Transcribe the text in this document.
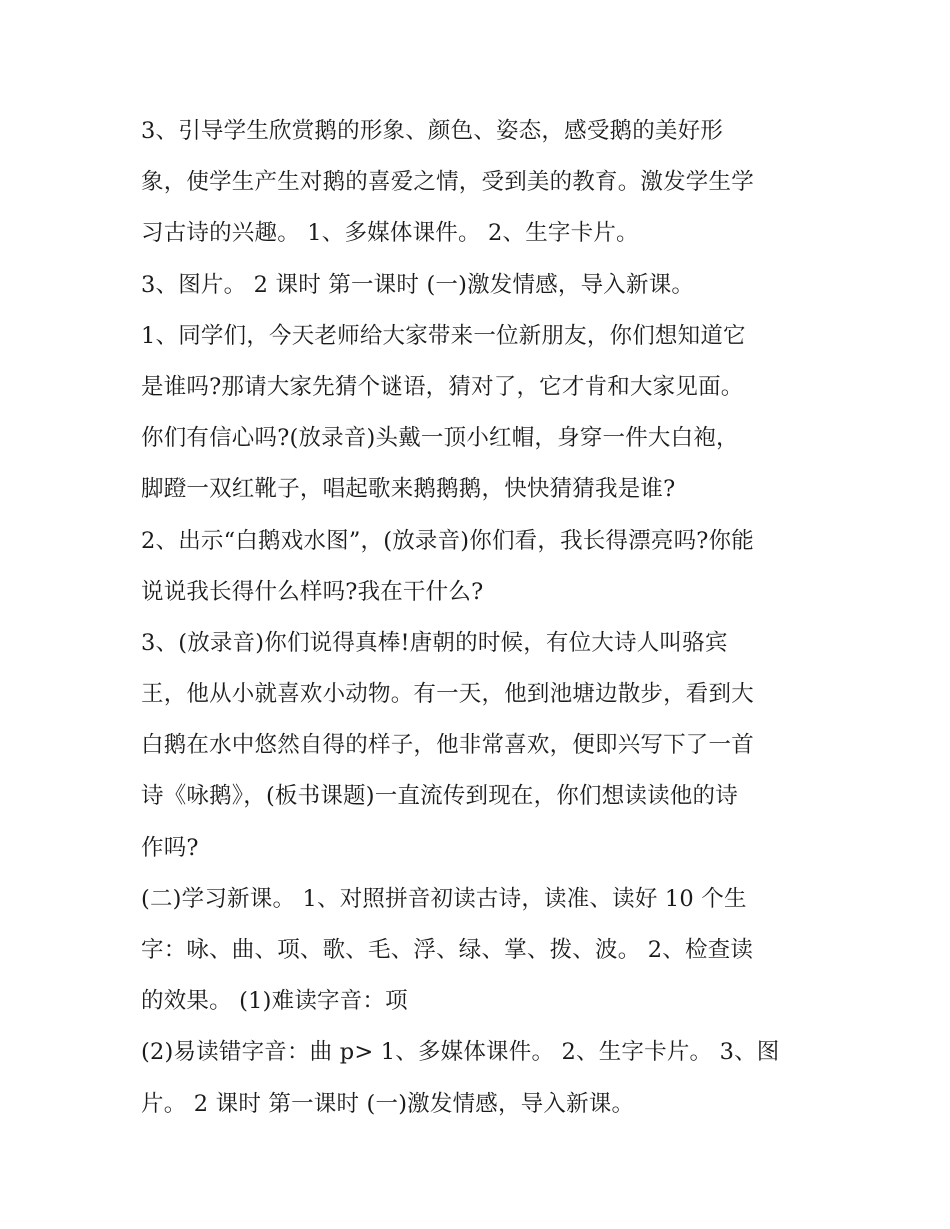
3、引导学生欣赏鹅的形象、颜色、姿态，感受鹅的美好形
象，使学生产生对鹅的喜爱之情，受到美的教育。激发学生学
习古诗的兴趣。 1、多媒体课件。 2、生字卡片。
3、图片。 2 课时 第一课时 (一)激发情感，导入新课。
1、同学们，今天老师给大家带来一位新朋友，你们想知道它
是谁吗?那请大家先猜个谜语，猜对了，它才肯和大家见面。
你们有信心吗?(放录音)头戴一顶小红帽，身穿一件大白袍，
脚蹬一双红靴子，唱起歌来鹅鹅鹅，快快猜猜我是谁?
2、出示“白鹅戏水图”，(放录音)你们看，我长得漂亮吗?你能
说说我长得什么样吗?我在干什么?
3、(放录音)你们说得真棒!唐朝的时候，有位大诗人叫骆宾
王，他从小就喜欢小动物。有一天，他到池塘边散步，看到大
白鹅在水中悠然自得的样子，他非常喜欢，便即兴写下了一首
诗《咏鹅》，(板书课题)一直流传到现在，你们想读读他的诗
作吗?
(二)学习新课。 1、对照拼音初读古诗，读准、读好 10 个生
字：咏、曲、项、歌、毛、浮、绿、掌、拨、波。 2、检查读
的效果。 (1)难读字音：项
(2)易读错字音：曲 p> 1、多媒体课件。 2、生字卡片。 3、图
片。 2 课时 第一课时 (一)激发情感，导入新课。
